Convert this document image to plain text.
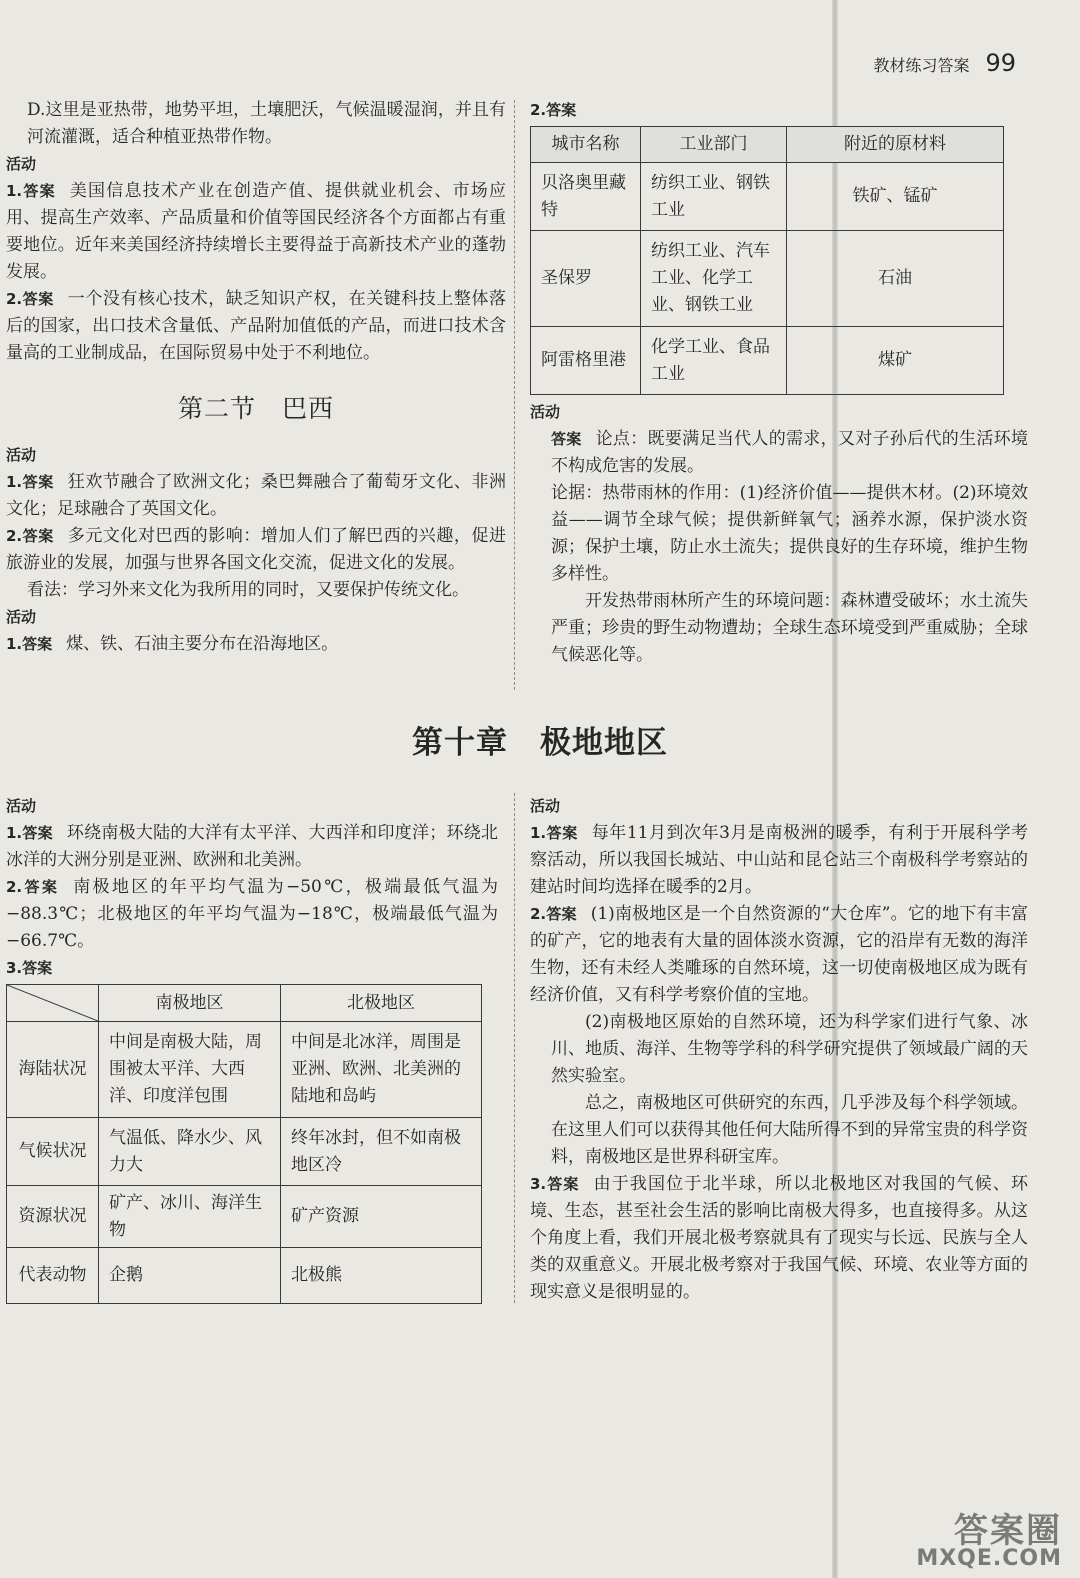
教材练习答案 99
D.这里是亚热带，地势平坦，土壤肥沃，气候温暖湿润，并且有河流灌溉，适合种植亚热带作物。
活动
1.答案 美国信息技术产业在创造产值、提供就业机会、市场应用、提高生产效率、产品质量和价值等国民经济各个方面都占有重要地位。近年来美国经济持续增长主要得益于高新技术产业的蓬勃发展。
2.答案 一个没有核心技术，缺乏知识产权，在关键科技上整体落后的国家，出口技术含量低、产品附加值低的产品，而进口技术含量高的工业制成品，在国际贸易中处于不利地位。
第二节　巴西
活动
1.答案 狂欢节融合了欧洲文化；桑巴舞融合了葡萄牙文化、非洲文化；足球融合了英国文化。
2.答案 多元文化对巴西的影响：增加人们了解巴西的兴趣，促进旅游业的发展，加强与世界各国文化交流，促进文化的发展。
看法：学习外来文化为我所用的同时，又要保护传统文化。
活动
1.答案 煤、铁、石油主要分布在沿海地区。
2.答案
城市名称	工业部门	附近的原材料
贝洛奥里藏特	纺织工业、钢铁工业	铁矿、锰矿
圣保罗	纺织工业、汽车工业、化学工业、钢铁工业	石油
阿雷格里港	化学工业、食品工业	煤矿
活动
答案 论点：既要满足当代人的需求，又对子孙后代的生活环境不构成危害的发展。
论据：热带雨林的作用：(1)经济价值——提供木材。(2)环境效益——调节全球气候；提供新鲜氧气；涵养水源，保护淡水资源；保护土壤，防止水土流失；提供良好的生存环境，维护生物多样性。
开发热带雨林所产生的环境问题：森林遭受破坏；水土流失严重；珍贵的野生动物遭劫；全球生态环境受到严重威胁；全球气候恶化等。
第十章　极地地区
活动
1.答案 环绕南极大陆的大洋有太平洋、大西洋和印度洋；环绕北冰洋的大洲分别是亚洲、欧洲和北美洲。
2.答案 南极地区的年平均气温为−50℃，极端最低气温为−88.3℃；北极地区的年平均气温为−18℃，极端最低气温为−66.7℃。
3.答案
	南极地区	北极地区
海陆状况	中间是南极大陆，周围被太平洋、大西洋、印度洋包围	中间是北冰洋，周围是亚洲、欧洲、北美洲的陆地和岛屿
气候状况	气温低、降水少、风力大	终年冰封，但不如南极地区冷
资源状况	矿产、冰川、海洋生物	矿产资源
代表动物	企鹅	北极熊
活动
1.答案 每年11月到次年3月是南极洲的暖季，有利于开展科学考察活动，所以我国长城站、中山站和昆仑站三个南极科学考察站的建站时间均选择在暖季的2月。
2.答案 (1)南极地区是一个自然资源的“大仓库”。它的地下有丰富的矿产，它的地表有大量的固体淡水资源，它的沿岸有无数的海洋生物，还有未经人类雕琢的自然环境，这一切使南极地区成为既有经济价值，又有科学考察价值的宝地。
(2)南极地区原始的自然环境，还为科学家们进行气象、冰川、地质、海洋、生物等学科的科学研究提供了领域最广阔的天然实验室。
总之，南极地区可供研究的东西，几乎涉及每个科学领域。在这里人们可以获得其他任何大陆所得不到的异常宝贵的科学资料，南极地区是世界科研宝库。
3.答案 由于我国位于北半球，所以北极地区对我国的气候、环境、生态，甚至社会生活的影响比南极大得多，也直接得多。从这个角度上看，我们开展北极考察就具有了现实与长远、民族与全人类的双重意义。开展北极考察对于我国气候、环境、农业等方面的现实意义是很明显的。
答案圈
MXQE.COM
